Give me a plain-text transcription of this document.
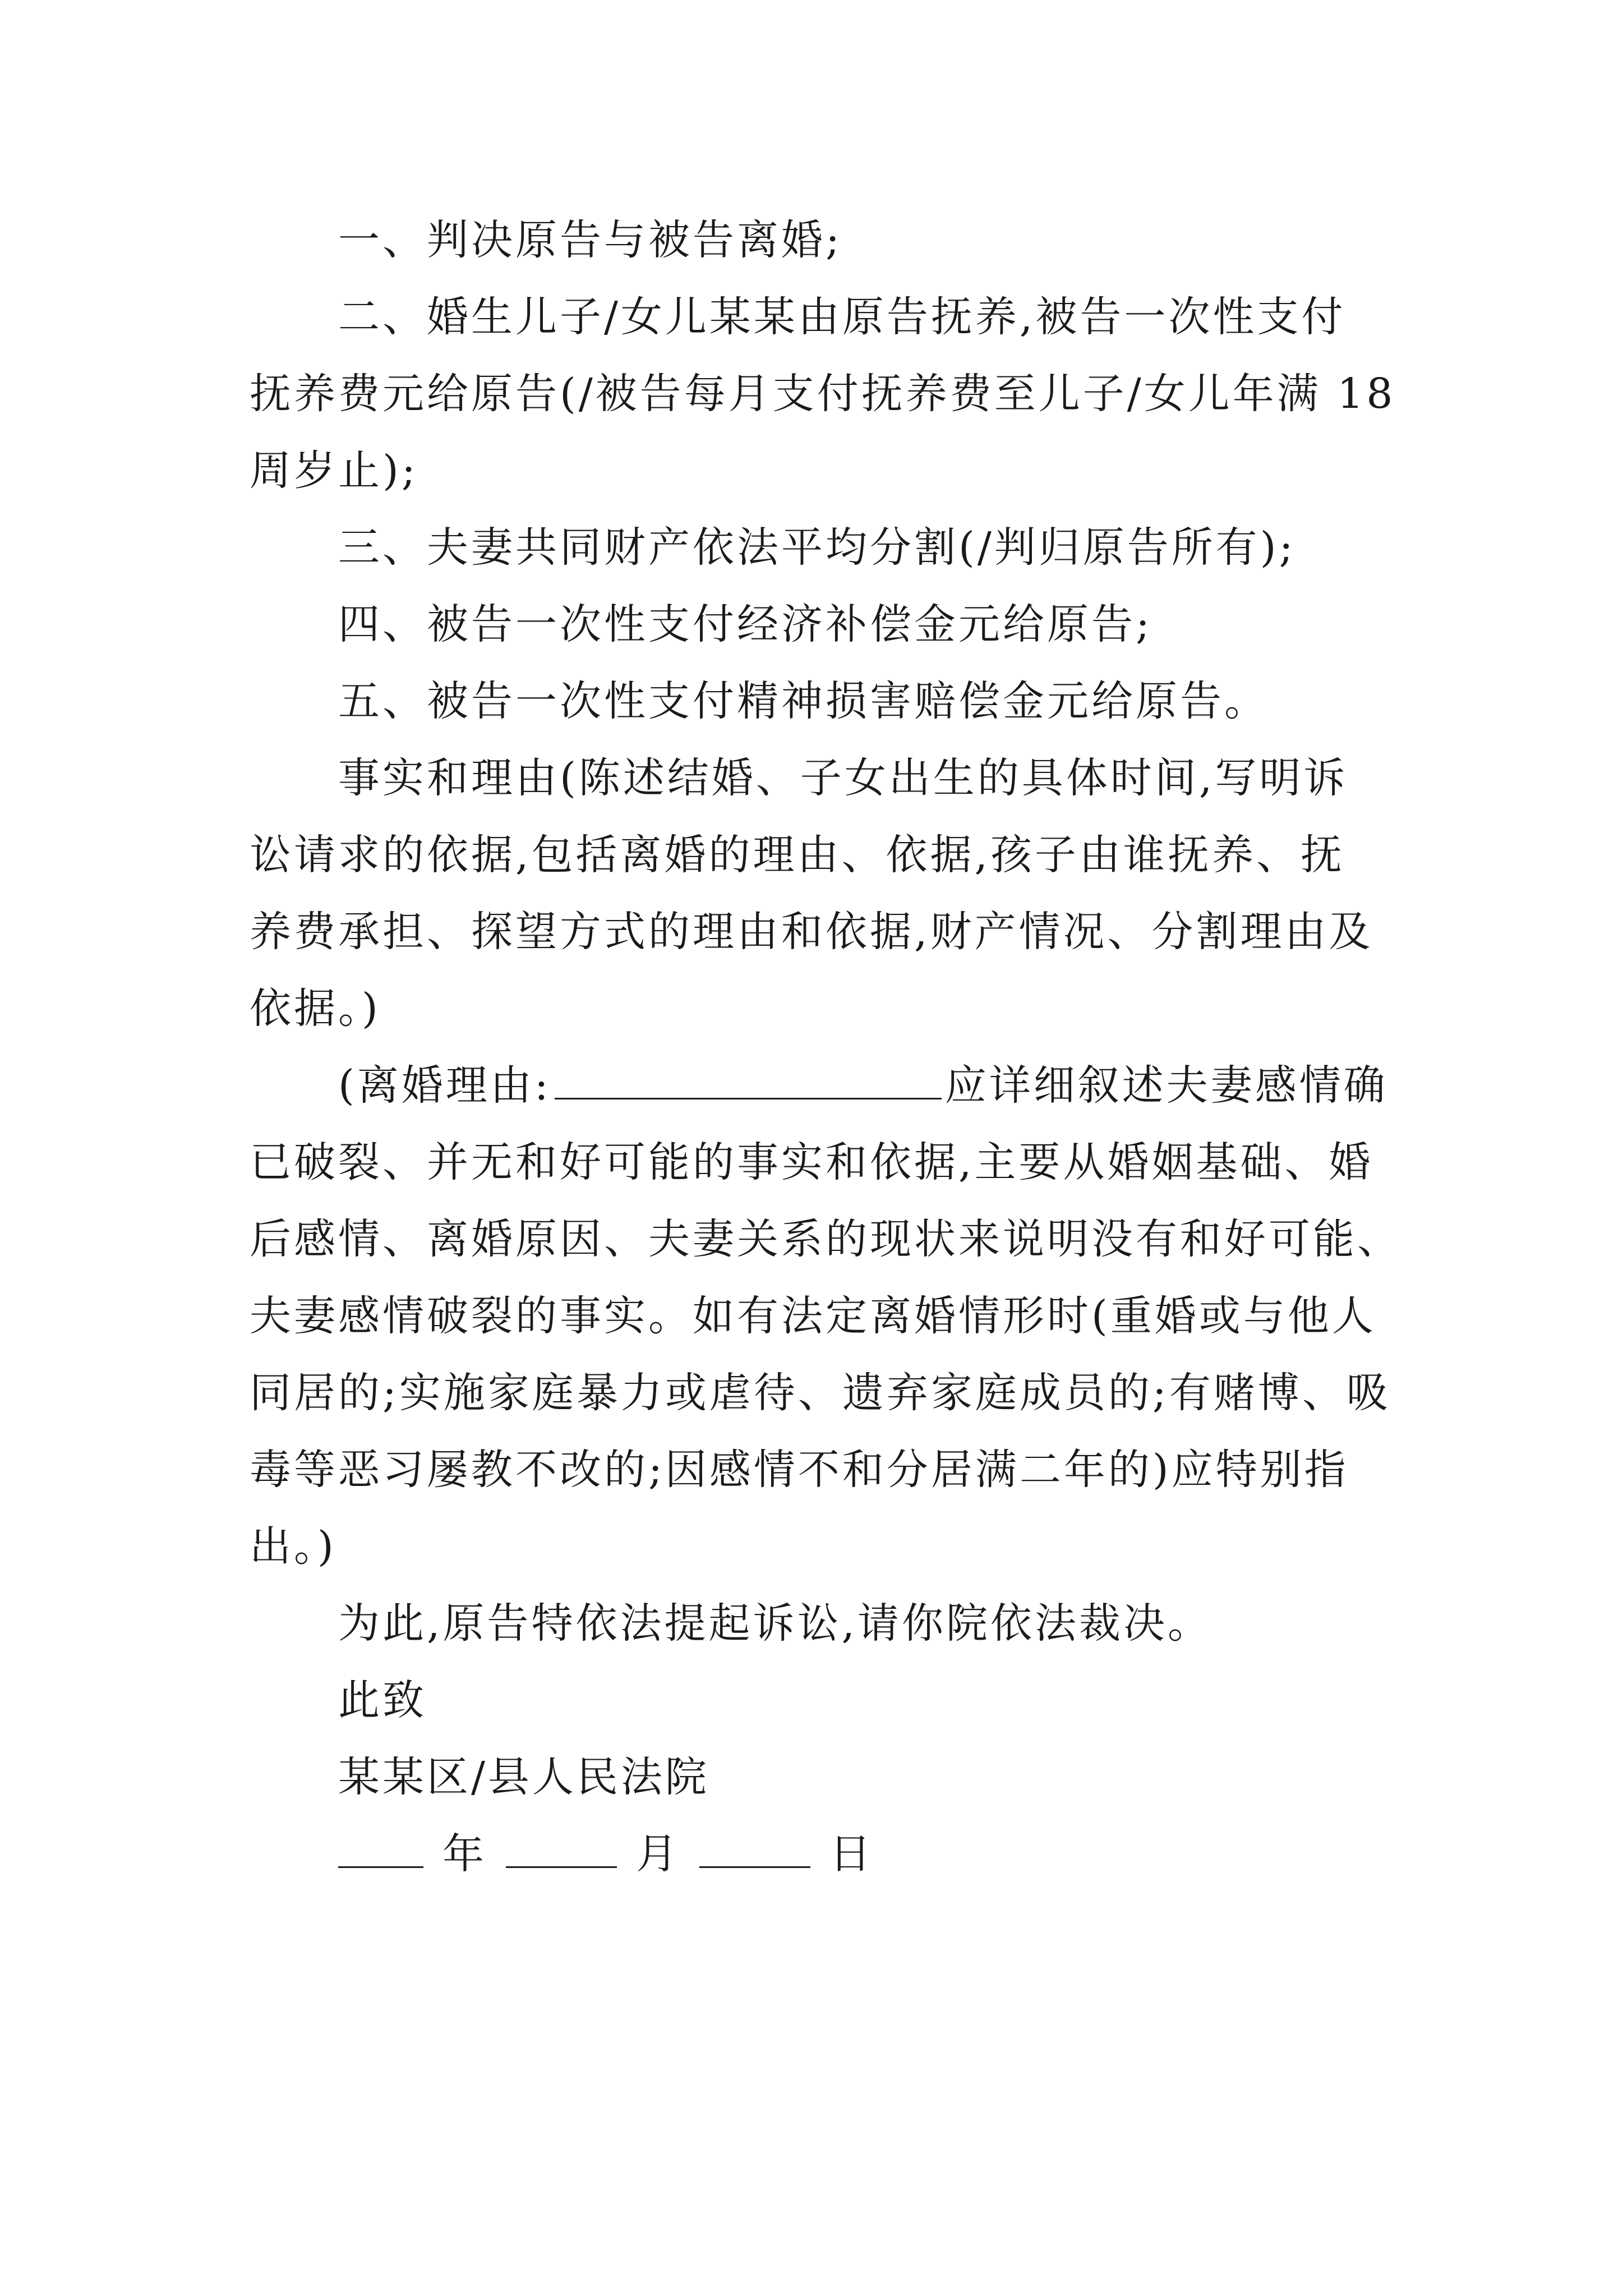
一、判决原告与被告离婚;
二、婚生儿子/女儿某某由原告抚养,被告一次性支付
抚养费元给原告(/被告每月支付抚养费至儿子/女儿年满 18
周岁止);
三、夫妻共同财产依法平均分割(/判归原告所有);
四、被告一次性支付经济补偿金元给原告;
五、被告一次性支付精神损害赔偿金元给原告。
事实和理由(陈述结婚、子女出生的具体时间,写明诉
讼请求的依据,包括离婚的理由、依据,孩子由谁抚养、抚
养费承担、探望方式的理由和依据,财产情况、分割理由及
依据。)
(离婚理由:	应详细叙述夫妻感情确
已破裂、并无和好可能的事实和依据,主要从婚姻基础、婚
后感情、离婚原因、夫妻关系的现状来说明没有和好可能、
夫妻感情破裂的事实。如有法定离婚情形时(重婚或与他人
同居的;实施家庭暴力或虐待、遗弃家庭成员的;有赌博、吸
毒等恶习屡教不改的;因感情不和分居满二年的)应特别指
出。)
为此,原告特依法提起诉讼,请你院依法裁决。
此致
某某区/县人民法院
年	月	日
